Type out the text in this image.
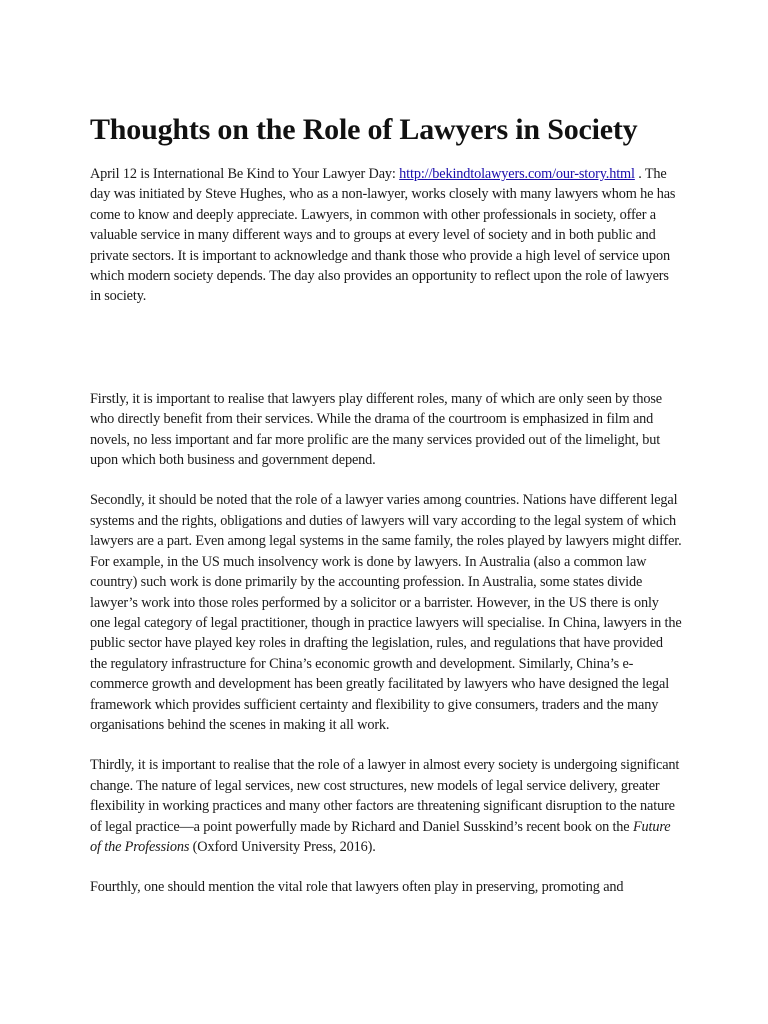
Thoughts on the Role of Lawyers in Society

April 12 is International Be Kind to Your Lawyer Day: http://bekindtolawyers.com/our-story.html . The day was initiated by Steve Hughes, who as a non-lawyer, works closely with many lawyers whom he has come to know and deeply appreciate. Lawyers, in common with other professionals in society, offer a valuable service in many different ways and to groups at every level of society and in both public and private sectors. It is important to acknowledge and thank those who provide a high level of service upon which modern society depends. The day also provides an opportunity to reflect upon the role of lawyers in society.

Firstly, it is important to realise that lawyers play different roles, many of which are only seen by those who directly benefit from their services. While the drama of the courtroom is emphasized in film and novels, no less important and far more prolific are the many services provided out of the limelight, but upon which both business and government depend.

Secondly, it should be noted that the role of a lawyer varies among countries. Nations have different legal systems and the rights, obligations and duties of lawyers will vary according to the legal system of which lawyers are a part. Even among legal systems in the same family, the roles played by lawyers might differ. For example, in the US much insolvency work is done by lawyers. In Australia (also a common law country) such work is done primarily by the accounting profession. In Australia, some states divide lawyer’s work into those roles performed by a solicitor or a barrister. However, in the US there is only one legal category of legal practitioner, though in practice lawyers will specialise. In China, lawyers in the public sector have played key roles in drafting the legislation, rules, and regulations that have provided the regulatory infrastructure for China’s economic growth and development. Similarly, China’s e-commerce growth and development has been greatly facilitated by lawyers who have designed the legal framework which provides sufficient certainty and flexibility to give consumers, traders and the many organisations behind the scenes in making it all work.

Thirdly, it is important to realise that the role of a lawyer in almost every society is undergoing significant change. The nature of legal services, new cost structures, new models of legal service delivery, greater flexibility in working practices and many other factors are threatening significant disruption to the nature of legal practice—a point powerfully made by Richard and Daniel Susskind’s recent book on the Future of the Professions (Oxford University Press, 2016).

Fourthly, one should mention the vital role that lawyers often play in preserving, promoting and
